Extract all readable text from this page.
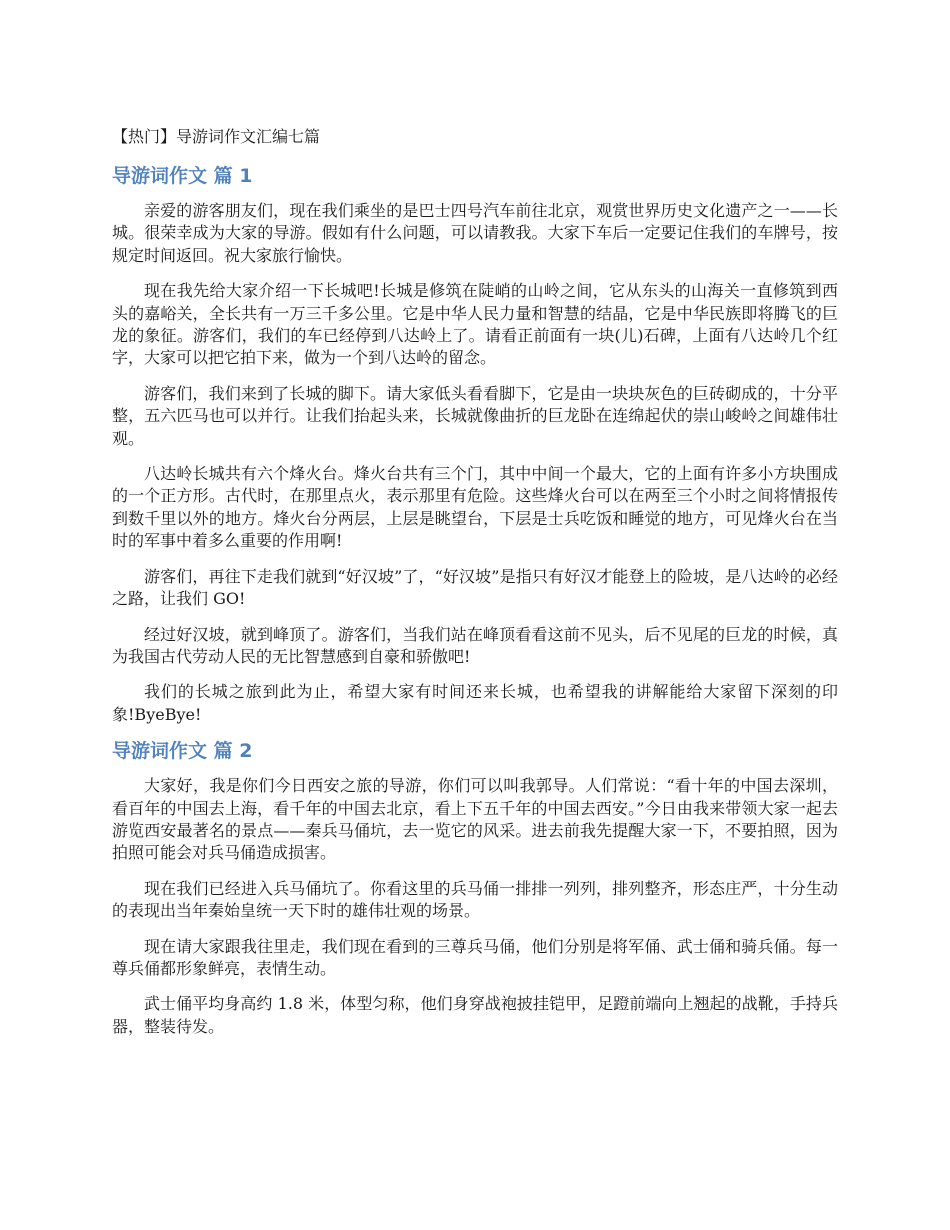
【热门】导游词作文汇编七篇
导游词作文 篇 1

亲爱的游客朋友们，现在我们乘坐的是巴士四号汽车前往北京，观赏世界历史文化遗产之一——长城。很荣幸成为大家的导游。假如有什么问题，可以请教我。大家下车后一定要记住我们的车牌号，按规定时间返回。祝大家旅行愉快。

现在我先给大家介绍一下长城吧!长城是修筑在陡峭的山岭之间，它从东头的山海关一直修筑到西头的嘉峪关，全长共有一万三千多公里。它是中华人民力量和智慧的结晶，它是中华民族即将腾飞的巨龙的象征。游客们，我们的车已经停到八达岭上了。请看正前面有一块(儿)石碑，上面有八达岭几个红字，大家可以把它拍下来，做为一个到八达岭的留念。

游客们，我们来到了长城的脚下。请大家低头看看脚下，它是由一块块灰色的巨砖砌成的，十分平整，五六匹马也可以并行。让我们抬起头来，长城就像曲折的巨龙卧在连绵起伏的崇山峻岭之间雄伟壮观。

八达岭长城共有六个烽火台。烽火台共有三个门，其中中间一个最大，它的上面有许多小方块围成的一个正方形。古代时，在那里点火，表示那里有危险。这些烽火台可以在两至三个小时之间将情报传到数千里以外的地方。烽火台分两层，上层是眺望台，下层是士兵吃饭和睡觉的地方，可见烽火台在当时的军事中着多么重要的作用啊!

游客们，再往下走我们就到“好汉坡”了，“好汉坡”是指只有好汉才能登上的险坡，是八达岭的必经之路，让我们 GO!

经过好汉坡，就到峰顶了。游客们，当我们站在峰顶看看这前不见头，后不见尾的巨龙的时候，真为我国古代劳动人民的无比智慧感到自豪和骄傲吧!

我们的长城之旅到此为止，希望大家有时间还来长城，也希望我的讲解能给大家留下深刻的印象!ByeBye!

导游词作文 篇 2

大家好，我是你们今日西安之旅的导游，你们可以叫我郭导。人们常说：“看十年的中国去深圳，看百年的中国去上海，看千年的中国去北京，看上下五千年的中国去西安。”今日由我来带领大家一起去游览西安最著名的景点——秦兵马俑坑，去一览它的风采。进去前我先提醒大家一下，不要拍照，因为拍照可能会对兵马俑造成损害。

现在我们已经进入兵马俑坑了。你看这里的兵马俑一排排一列列，排列整齐，形态庄严，十分生动的表现出当年秦始皇统一天下时的雄伟壮观的场景。

现在请大家跟我往里走，我们现在看到的三尊兵马俑，他们分别是将军俑、武士俑和骑兵俑。每一尊兵俑都形象鲜亮，表情生动。

武士俑平均身高约 1.8 米，体型匀称，他们身穿战袍披挂铠甲，足蹬前端向上翘起的战靴，手持兵器，整装待发。
